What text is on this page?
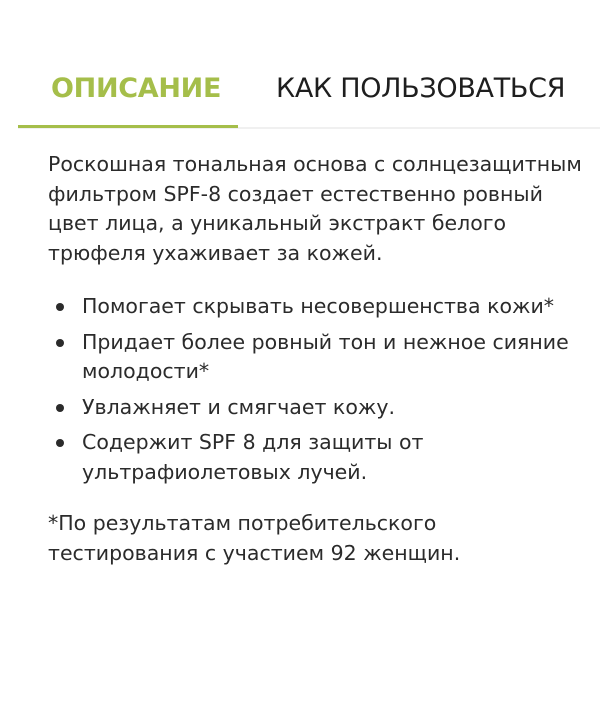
ОПИСАНИЕ КАК ПОЛЬЗОВАТЬСЯ

Роскошная тональная основа с солнцезащитным фильтром SPF-8 создает естественно ровный цвет лица, а уникальный экстракт белого трюфеля ухаживает за кожей.

Помогает скрывать несовершенства кожи*
Придает более ровный тон и нежное сияние молодости*
Увлажняет и смягчает кожу.
Содержит SPF 8 для защиты от ультрафиолетовых лучей.

*По результатам потребительского тестирования с участием 92 женщин.
